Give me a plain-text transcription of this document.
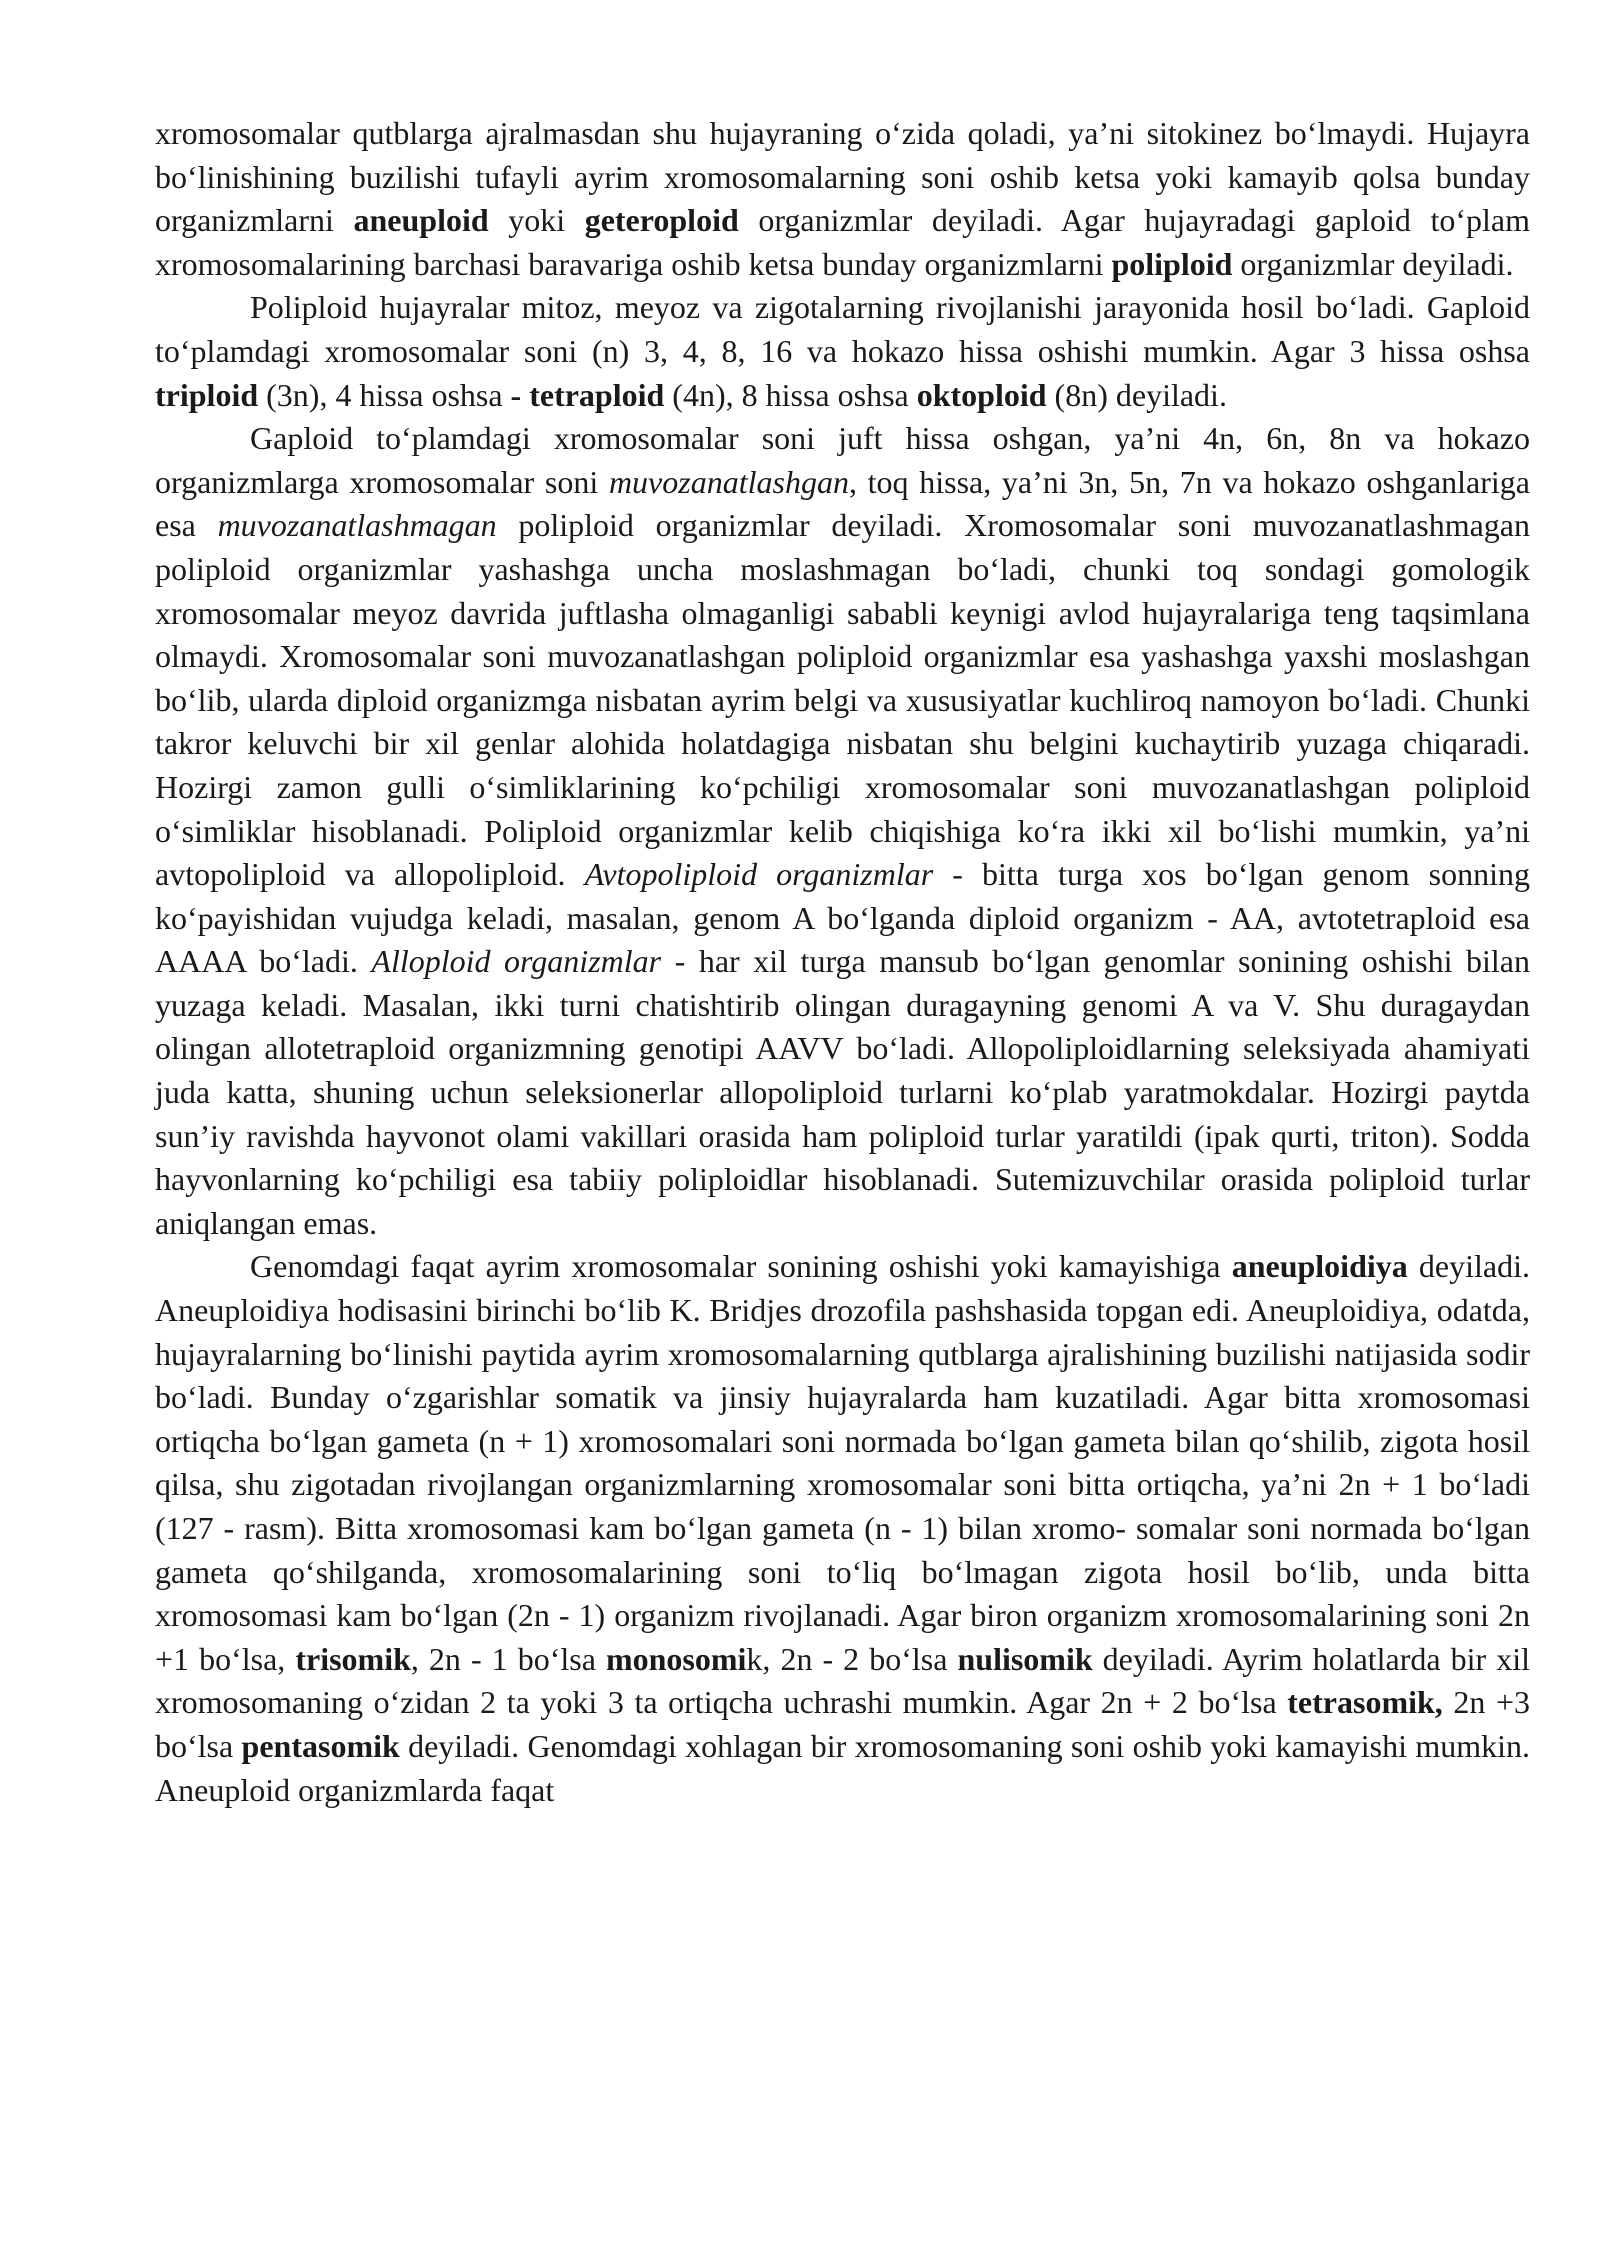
xromosomalar qutblarga ajralmasdan shu hujayraning o‘zida qoladi, ya’ni sitokinez bo‘lmaydi. Hujayra bo‘linishining buzilishi tufayli ayrim xromosomalarning soni oshib ketsa yoki kamayib qolsa bunday organizmlarni aneuploid yoki geteroploid organizmlar deyiladi. Agar hujayradagi gaploid to‘plam xromosomalarining barchasi baravariga oshib ketsa bunday organizmlarni poliploid organizmlar deyiladi.

Poliploid hujayralar mitoz, meyoz va zigotalarning rivojlanishi jarayonida hosil bo‘ladi. Gaploid to‘plamdagi xromosomalar soni (n) 3, 4, 8, 16 va hokazo hissa oshishi mumkin. Agar 3 hissa oshsa triploid (3n), 4 hissa oshsa - tetraploid (4n), 8 hissa oshsa oktoploid (8n) deyiladi.

Gaploid to‘plamdagi xromosomalar soni juft hissa oshgan, ya’ni 4n, 6n, 8n va hokazo organizmlarga xromosomalar soni muvozanatlashgan, toq hissa, ya’ni 3n, 5n, 7n va hokazo oshganlariga esa muvozanatlashmagan poliploid organizmlar deyiladi. Xromosomalar soni muvozanatlashmagan poliploid organizmlar yashashga uncha moslashmagan bo‘ladi, chunki toq sondagi gomologik xromosomalar meyoz davrida juftlasha olmaganligi sababli keynigi avlod hujayralariga teng taqsimlana olmaydi. Xromosomalar soni muvozanatlashgan poliploid organizmlar esa yashashga yaxshi moslashgan bo‘lib, ularda diploid organizmga nisbatan ayrim belgi va xususiyatlar kuchliroq namoyon bo‘ladi. Chunki takror keluvchi bir xil genlar alohida holatdagiga nisbatan shu belgini kuchaytirib yuzaga chiqaradi. Hozirgi zamon gulli o‘simliklarining ko‘pchiligi xromosomalar soni muvozanatlashgan poliploid o‘simliklar hisoblanadi. Poliploid organizmlar kelib chiqishiga ko‘ra ikki xil bo‘lishi mumkin, ya’ni avtopoliploid va allopoliploid. Avtopoliploid organizmlar - bitta turga xos bo‘lgan genom sonning ko‘payishidan vujudga keladi, masalan, genom A bo‘lganda diploid organizm - AA, avtotetraploid esa AAAA bo‘ladi. Alloploid organizmlar - har xil turga mansub bo‘lgan genomlar sonining oshishi bilan yuzaga keladi. Masalan, ikki turni chatishtirib olingan duragayning genomi A va V. Shu duragaydan olingan allotetraploid organizmning genotipi AAVV bo‘ladi. Allopoliploidlarning seleksiyada ahamiyati juda katta, shuning uchun seleksionerlar allopoliploid turlarni ko‘plab yaratmokdalar. Hozirgi paytda sun’iy ravishda hayvonot olami vakillari orasida ham poliploid turlar yaratildi (ipak qurti, triton). Sodda hayvonlarning ko‘pchiligi esa tabiiy poliploidlar hisoblanadi. Sutemizuvchilar orasida poliploid turlar aniqlangan emas.

Genomdagi faqat ayrim xromosomalar sonining oshishi yoki kamayishiga aneuploidiya deyiladi. Aneuploidiya hodisasini birinchi bo‘lib K. Bridjes drozofila pashshasida topgan edi. Aneuploidiya, odatda, hujayralarning bo‘linishi paytida ayrim xromosomalarning qutblarga ajralishining buzilishi natijasida sodir bo‘ladi. Bunday o‘zgarishlar somatik va jinsiy hujayralarda ham kuzatiladi. Agar bitta xromosomasi ortiqcha bo‘lgan gameta (n + 1) xromosomalari soni normada bo‘lgan gameta bilan qo‘shilib, zigota hosil qilsa, shu zigotadan rivojlangan organizmlarning xromosomalar soni bitta ortiqcha, ya’ni 2n + 1 bo‘ladi (127 - rasm). Bitta xromosomasi kam bo‘lgan gameta (n - 1) bilan xromo- somalar soni normada bo‘lgan gameta qo‘shilganda, xromosomalarining soni to‘liq bo‘lmagan zigota hosil bo‘lib, unda bitta xromosomasi kam bo‘lgan (2n - 1) organizm rivojlanadi. Agar biron organizm xromosomalarining soni 2n +1 bo‘lsa, trisomik, 2n - 1 bo‘lsa monosomik, 2n - 2 bo‘lsa nulisomik deyiladi. Ayrim holatlarda bir xil xromosomaning o‘zidan 2 ta yoki 3 ta ortiqcha uchrashi mumkin. Agar 2n + 2 bo‘lsa tetrasomik, 2n +3 bo‘lsa pentasomik deyiladi. Genomdagi xohlagan bir xromosomaning soni oshib yoki kamayishi mumkin. Aneuploid organizmlarda faqat
